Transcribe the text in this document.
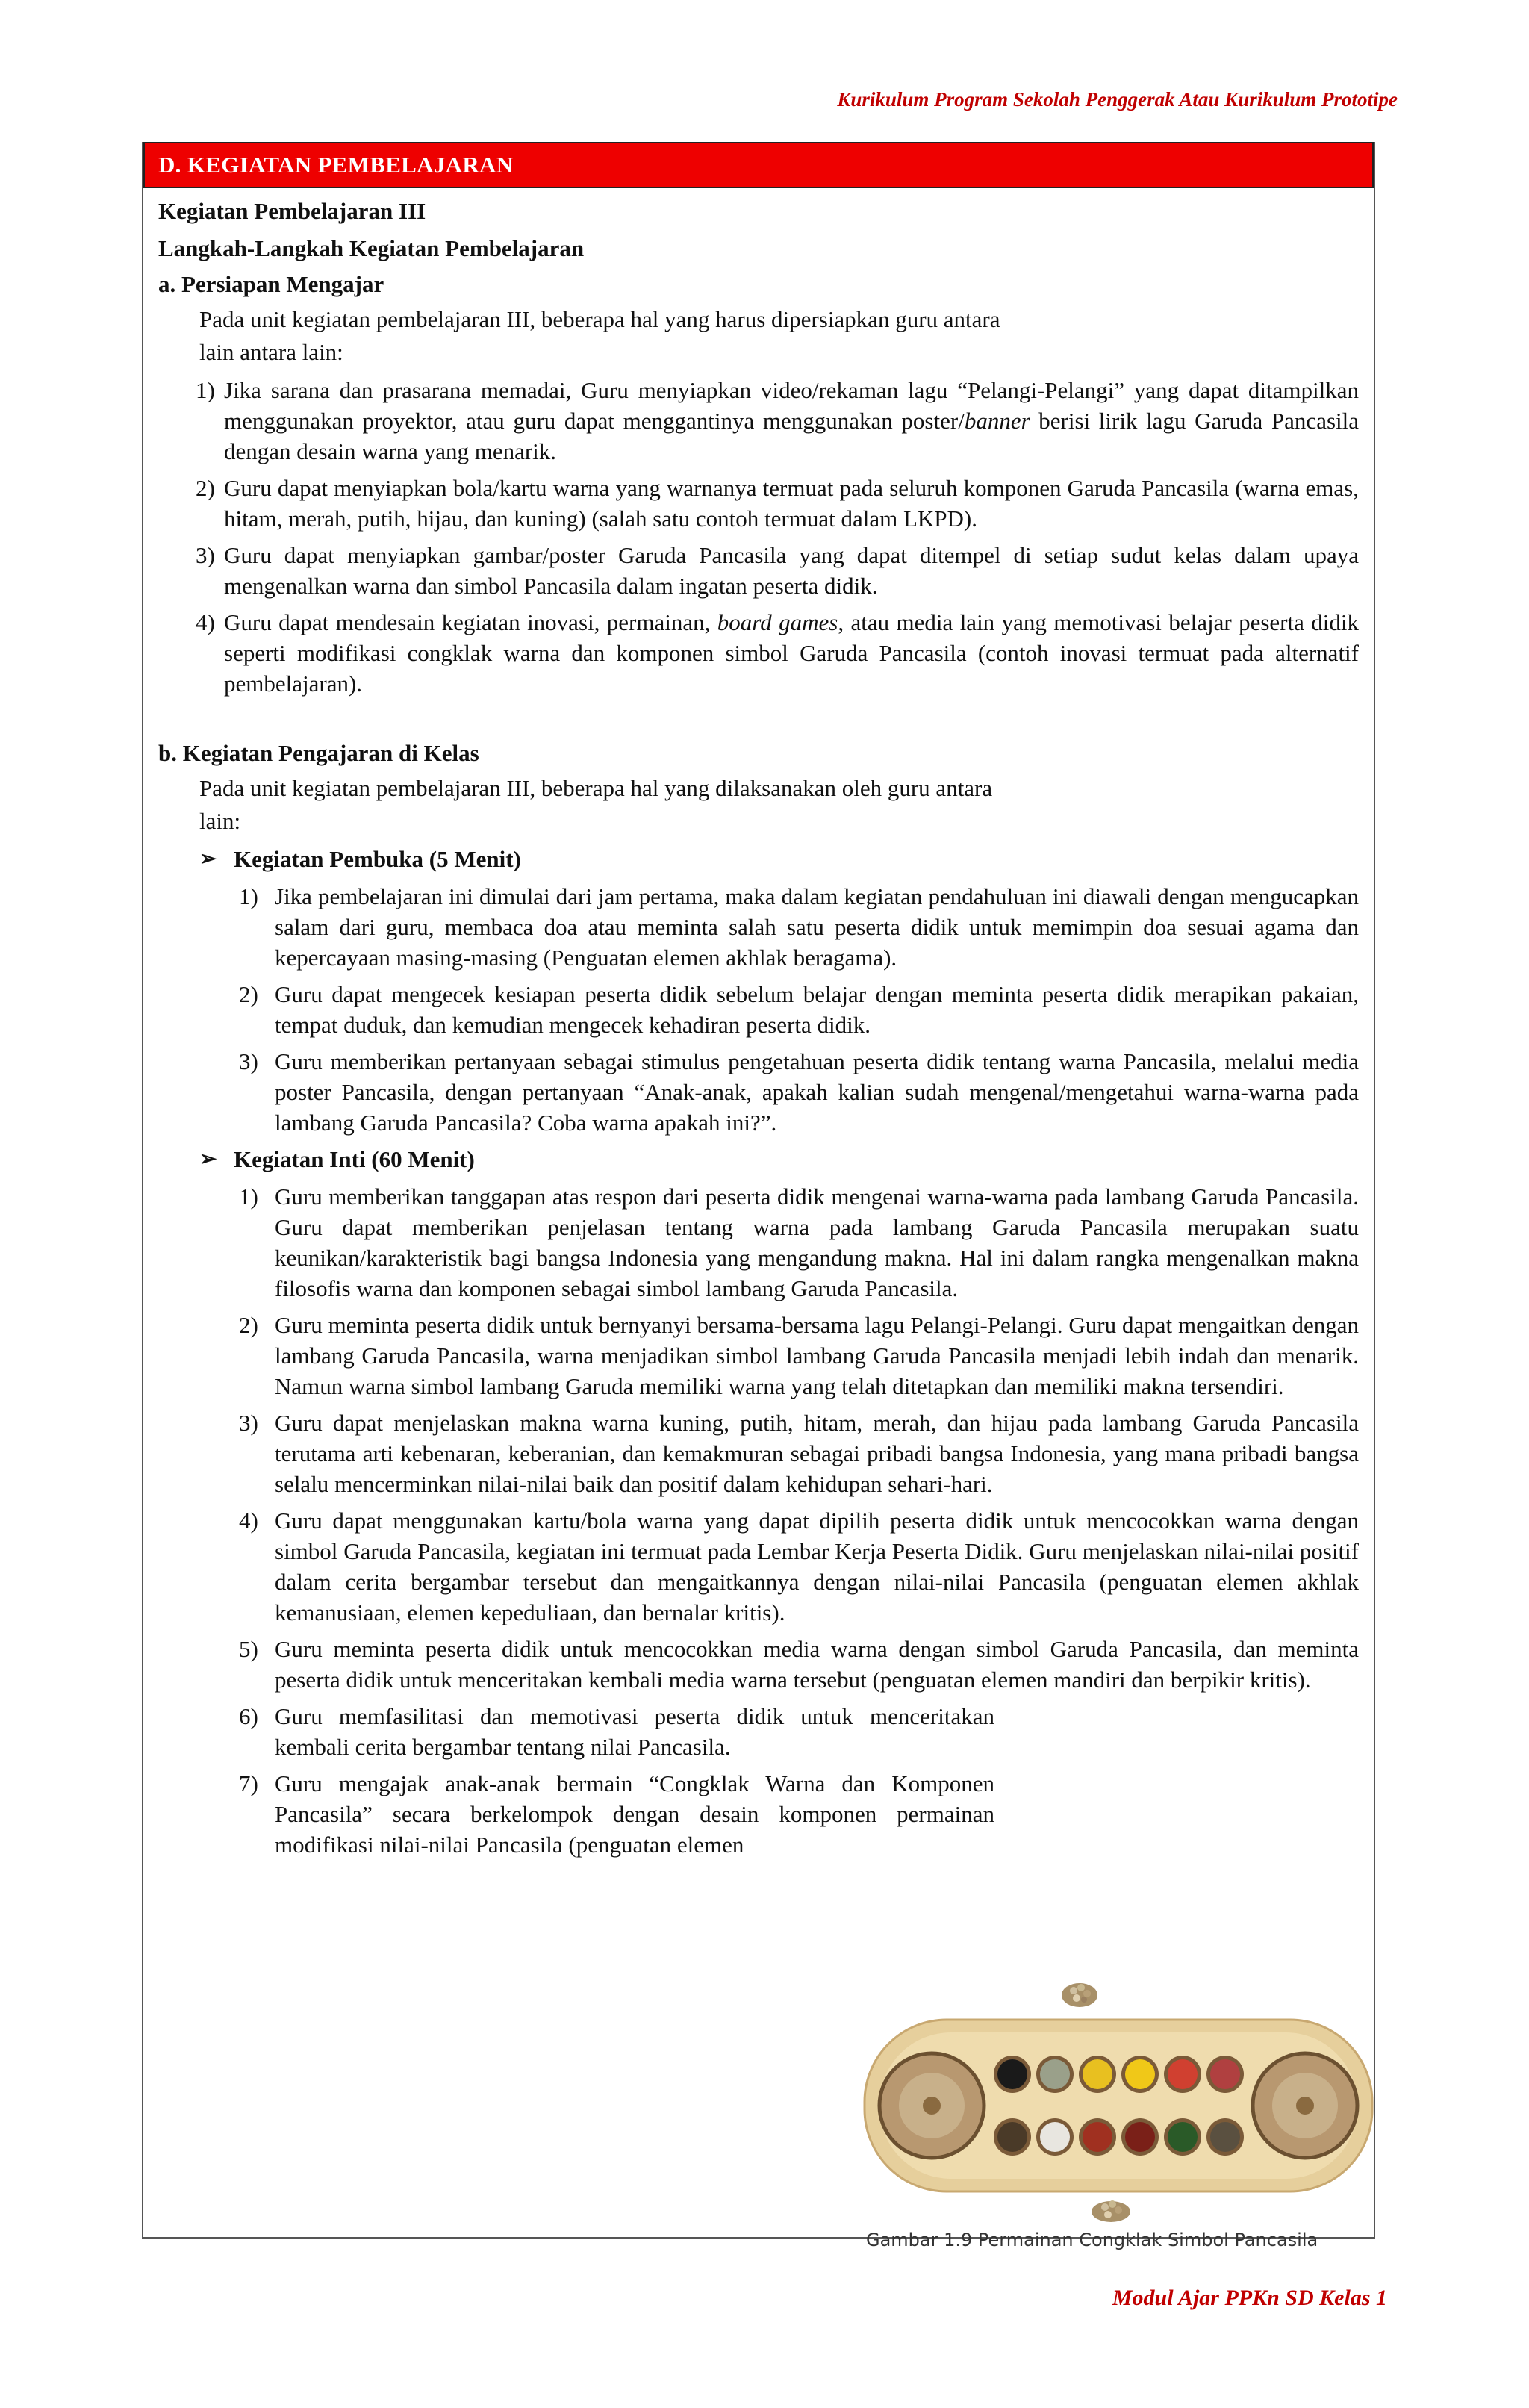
Kurikulum Program Sekolah Penggerak Atau Kurikulum Prototipe

D. KEGIATAN PEMBELAJARAN
Kegiatan Pembelajaran III
Langkah-Langkah Kegiatan Pembelajaran
a. Persiapan Mengajar
Pada unit kegiatan pembelajaran III, beberapa hal yang harus dipersiapkan guru antara
lain antara lain:
1) Jika sarana dan prasarana memadai, Guru menyiapkan video/rekaman lagu “Pelangi-Pelangi” yang dapat ditampilkan menggunakan proyektor, atau guru dapat menggantinya menggunakan poster/banner berisi lirik lagu Garuda Pancasila dengan desain warna yang menarik.
2) Guru dapat menyiapkan bola/kartu warna yang warnanya termuat pada seluruh komponen Garuda Pancasila (warna emas, hitam, merah, putih, hijau, dan kuning) (salah satu contoh termuat dalam LKPD).
3) Guru dapat menyiapkan gambar/poster Garuda Pancasila yang dapat ditempel di setiap sudut kelas dalam upaya mengenalkan warna dan simbol Pancasila dalam ingatan peserta didik.
4) Guru dapat mendesain kegiatan inovasi, permainan, board games, atau media lain yang memotivasi belajar peserta didik seperti modifikasi congklak warna dan komponen simbol Garuda Pancasila (contoh inovasi termuat pada alternatif pembelajaran).
b. Kegiatan Pengajaran di Kelas
Pada unit kegiatan pembelajaran III, beberapa hal yang dilaksanakan oleh guru antara
lain:
➢ Kegiatan Pembuka (5 Menit)
1) Jika pembelajaran ini dimulai dari jam pertama, maka dalam kegiatan pendahuluan ini diawali dengan mengucapkan salam dari guru, membaca doa atau meminta salah satu peserta didik untuk memimpin doa sesuai agama dan kepercayaan masing-masing (Penguatan elemen akhlak beragama).
2) Guru dapat mengecek kesiapan peserta didik sebelum belajar dengan meminta peserta didik merapikan pakaian, tempat duduk, dan kemudian mengecek kehadiran peserta didik.
3) Guru memberikan pertanyaan sebagai stimulus pengetahuan peserta didik tentang warna Pancasila, melalui media poster Pancasila, dengan pertanyaan “Anak-anak, apakah kalian sudah mengenal/mengetahui warna-warna pada lambang Garuda Pancasila? Coba warna apakah ini?”.
➢ Kegiatan Inti (60 Menit)
1) Guru memberikan tanggapan atas respon dari peserta didik mengenai warna-warna pada lambang Garuda Pancasila. Guru dapat memberikan penjelasan tentang warna pada lambang Garuda Pancasila merupakan suatu keunikan/karakteristik bagi bangsa Indonesia yang mengandung makna. Hal ini dalam rangka mengenalkan makna filosofis warna dan komponen sebagai simbol lambang Garuda Pancasila.
2) Guru meminta peserta didik untuk bernyanyi bersama-bersama lagu Pelangi-Pelangi. Guru dapat mengaitkan dengan lambang Garuda Pancasila, warna menjadikan simbol lambang Garuda Pancasila menjadi lebih indah dan menarik. Namun warna simbol lambang Garuda memiliki warna yang telah ditetapkan dan memiliki makna tersendiri.
3) Guru dapat menjelaskan makna warna kuning, putih, hitam, merah, dan hijau pada lambang Garuda Pancasila terutama arti kebenaran, keberanian, dan kemakmuran sebagai pribadi bangsa Indonesia, yang mana pribadi bangsa selalu mencerminkan nilai-nilai baik dan positif dalam kehidupan sehari-hari.
4) Guru dapat menggunakan kartu/bola warna yang dapat dipilih peserta didik untuk mencocokkan warna dengan simbol Garuda Pancasila, kegiatan ini termuat pada Lembar Kerja Peserta Didik. Guru menjelaskan nilai-nilai positif dalam cerita bergambar tersebut dan mengaitkannya dengan nilai-nilai Pancasila (penguatan elemen akhlak kemanusiaan, elemen kepeduliaan, dan bernalar kritis).
5) Guru meminta peserta didik untuk mencocokkan media warna dengan simbol Garuda Pancasila, dan meminta peserta didik untuk menceritakan kembali media warna tersebut (penguatan elemen mandiri dan berpikir kritis).
6) Guru memfasilitasi dan memotivasi peserta didik untuk menceritakan kembali cerita bergambar tentang nilai Pancasila.
7) Guru mengajak anak-anak bermain “Congklak Warna dan Komponen Pancasila” secara berkelompok dengan desain komponen permainan modifikasi nilai-nilai Pancasila (penguatan elemen
Gambar 1.9 Permainan Congklak Simbol Pancasila

Modul Ajar PPKn SD Kelas 1
